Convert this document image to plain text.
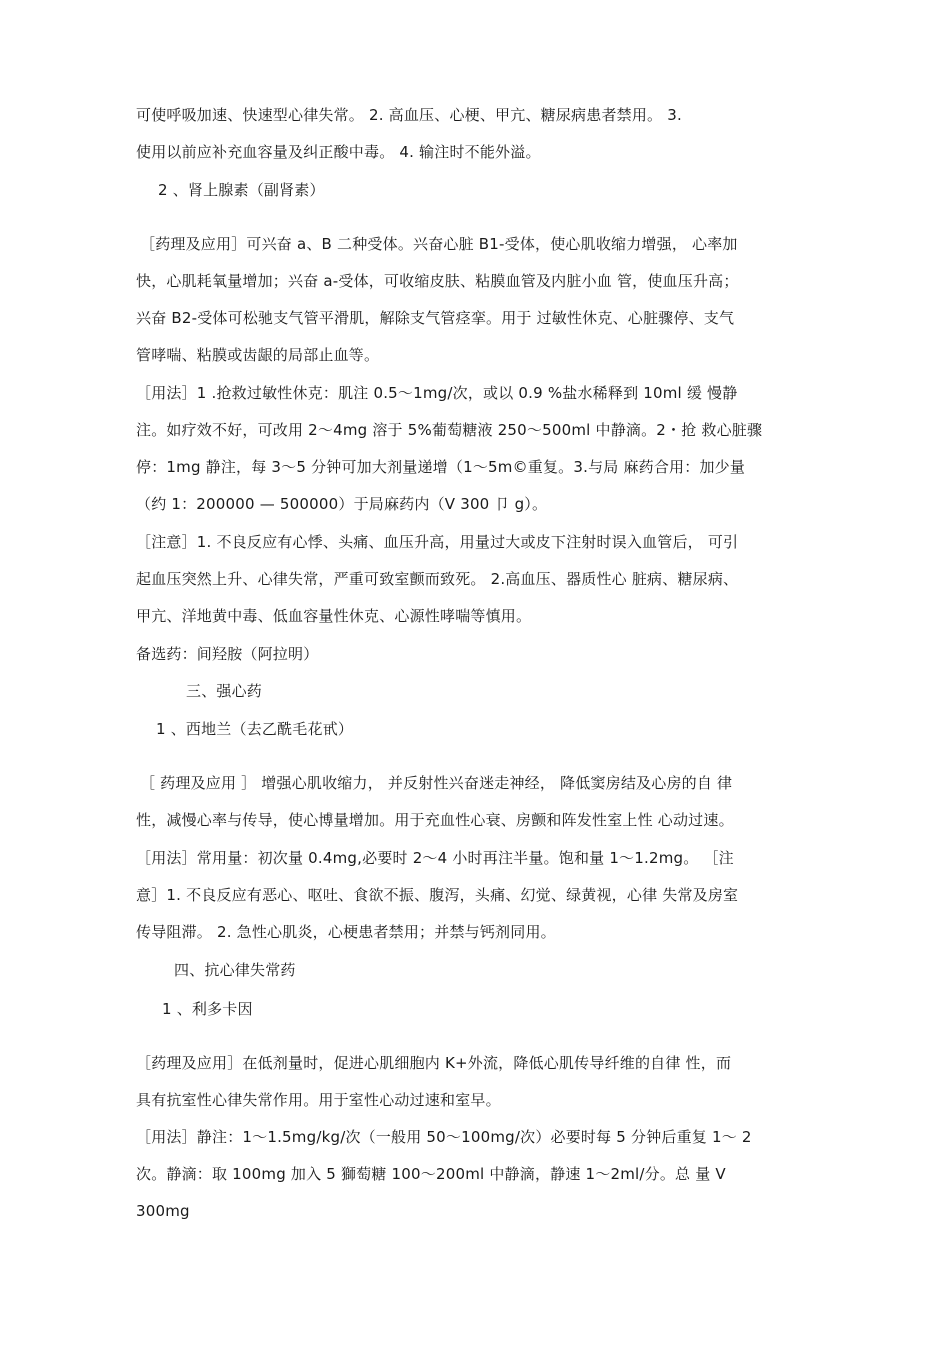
可使呼吸加速、快速型心律失常。 2. 高血压、心梗、甲亢、糖尿病患者禁用。 3.
使用以前应补充血容量及纠正酸中毒。 4. 输注时不能外溢。
2 、肾上腺素（副肾素）
［药理及应用］可兴奋 a、B 二种受体。兴奋心脏 B1-受体，使心肌收缩力增强， 心率加
快，心肌耗氧量增加；兴奋 a-受体，可收缩皮肤、粘膜血管及内脏小血 管，使血压升高；
兴奋 B2-受体可松驰支气管平滑肌，解除支气管痉挛。用于 过敏性休克、心脏骤停、支气
管哮喘、粘膜或齿龈的局部止血等。
［用法］1 .抢救过敏性休克：肌注 0.5～1mg/次，或以 0.9 %盐水稀释到 10ml 缓 慢静
注。如疗效不好，可改用 2～4mg 溶于 5%葡萄糖液 250～500ml 中静滴。2・抢 救心脏骤
停：1mg 静注，每 3～5 分钟可加大剂量递增（1～5m©重复。3.与局 麻药合用：加少量
（约 1：200000 — 500000）于局麻药内（V 300 卩 g）。
［注意］1. 不良反应有心悸、头痛、血压升高，用量过大或皮下注射时误入血管后， 可引
起血压突然上升、心律失常，严重可致室颤而致死。 2.高血压、器质性心 脏病、糖尿病、
甲亢、洋地黄中毒、低血容量性休克、心源性哮喘等慎用。
备选药：间羟胺（阿拉明）
三、强心药
1 、西地兰（去乙酰毛花甙）
［ 药理及应用 ］ 增强心肌收缩力， 并反射性兴奋迷走神经， 降低窦房结及心房的自 律
性，减慢心率与传导，使心博量增加。用于充血性心衰、房颤和阵发性室上性 心动过速。
［用法］常用量：初次量 0.4mg,必要时 2～4 小时再注半量。饱和量 1～1.2mg。 ［注
意］1. 不良反应有恶心、呕吐、食欲不振、腹泻，头痛、幻觉、绿黄视，心律 失常及房室
传导阻滞。 2. 急性心肌炎，心梗患者禁用；并禁与钙剂同用。
四、抗心律失常药
1 、利多卡因
［药理及应用］在低剂量时，促进心肌细胞内 K+外流，降低心肌传导纤维的自律 性，而
具有抗室性心律失常作用。用于室性心动过速和室早。
［用法］静注：1～1.5mg/kg/次（一般用 50～100mg/次）必要时每 5 分钟后重复 1～ 2
次。静滴：取 100mg 加入 5 獅萄糖 100～200ml 中静滴，静速 1～2ml/分。总 量 V
300mg
